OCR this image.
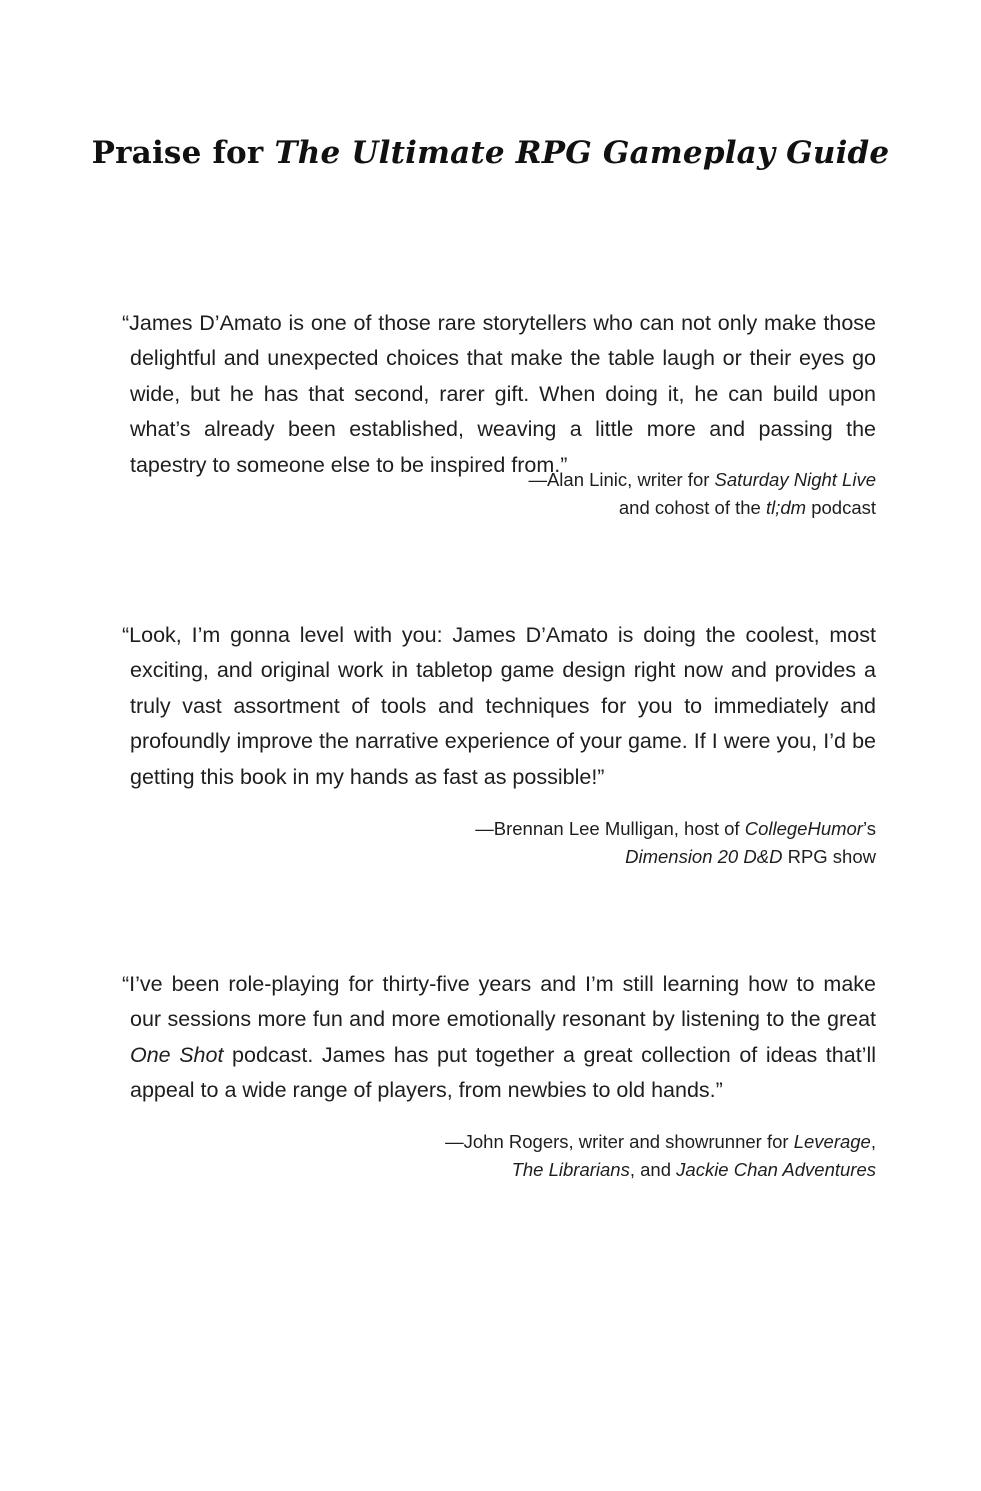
Praise for The Ultimate RPG Gameplay Guide

“James D’Amato is one of those rare storytellers who can not only make those delightful and unexpected choices that make the table laugh or their eyes go wide, but he has that second, rarer gift. When doing it, he can build upon what’s already been established, weaving a little more and passing the tapestry to someone else to be inspired from.”

—Alan Linic, writer for Saturday Night Live
and cohost of the tl;dm podcast

“Look, I’m gonna level with you: James D’Amato is doing the coolest, most exciting, and original work in tabletop game design right now and provides a truly vast assortment of tools and techniques for you to immediately and profoundly improve the narrative experience of your game. If I were you, I’d be getting this book in my hands as fast as possible!”

—Brennan Lee Mulligan, host of CollegeHumor’s
Dimension 20 D&D RPG show

“I’ve been role-playing for thirty-five years and I’m still learning how to make our sessions more fun and more emotionally resonant by listening to the great One Shot podcast. James has put together a great collection of ideas that’ll appeal to a wide range of players, from newbies to old hands.”

—John Rogers, writer and showrunner for Leverage,
The Librarians, and Jackie Chan Adventures
